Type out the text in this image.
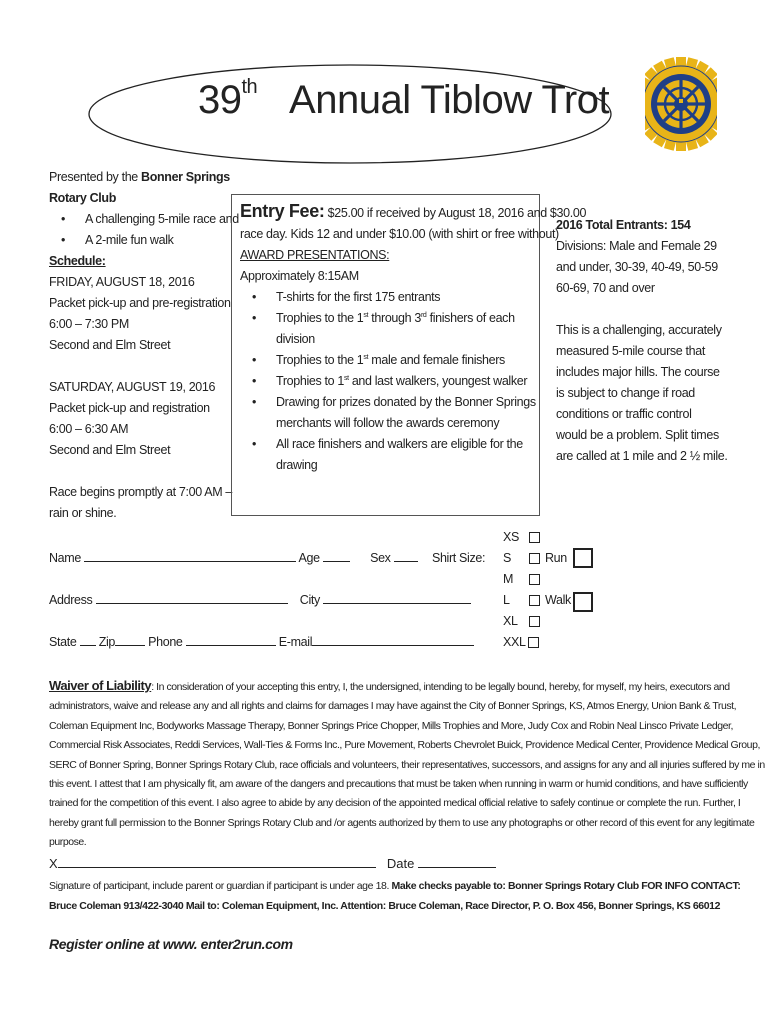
39th Annual Tiblow Trot
Presented by the Bonner Springs Rotary Club
• A challenging 5-mile race and
• A 2-mile fun walk
Schedule:
FRIDAY, AUGUST 18, 2016
Packet pick-up and pre-registration
6:00 – 7:30 PM
Second and Elm Street
SATURDAY, AUGUST 19, 2016
Packet pick-up and registration
6:00 – 6:30 AM
Second and Elm Street
Race begins promptly at 7:00 AM –
rain or shine.
Entry Fee: $25.00 if received by August 18, 2016 and $30.00
race day. Kids 12 and under $10.00 (with shirt or free without)
AWARD PRESENTATIONS:
Approximately 8:15AM
• T-shirts for the first 175 entrants
• Trophies to the 1st through 3rd finishers of each division
• Trophies to the 1st male and female finishers
• Trophies to 1st and last walkers, youngest walker
• Drawing for prizes donated by the Bonner Springs
merchants will follow the awards ceremony
• All race finishers and walkers are eligible for the drawing
2016 Total Entrants: 154
Divisions: Male and Female 29
and under, 30-39, 40-49, 50-59
60-69, 70 and over
This is a challenging, accurately
measured 5-mile course that
includes major hills. The course
is subject to change if road
conditions or traffic control
would be a problem. Split times
are called at 1 mile and 2 ½ mile.
Name	Age	Sex	Shirt Size:
Address	City
State Zip	Phone	E-mail
XS
S
M
L
XL
XXL
Run
Walk
Waiver of Liability: In consideration of your accepting this entry, I, the undersigned, intending to be legally bound, hereby, for myself, my heirs, executors and
administrators, waive and release any and all rights and claims for damages I may have against the City of Bonner Springs, KS, Atmos Energy, Union Bank & Trust,
Coleman Equipment Inc, Bodyworks Massage Therapy, Bonner Springs Price Chopper, Mills Trophies and More, Judy Cox and Robin Neal Linsco Private Ledger,
Commercial Risk Associates, Reddi Services, Wall-Ties & Forms Inc., Pure Movement, Roberts Chevrolet Buick, Providence Medical Center, Providence Medical Group,
SERC of Bonner Spring, Bonner Springs Rotary Club, race officials and volunteers, their representatives, successors, and assigns for any and all injuries suffered by me in
this event. I attest that I am physically fit, am aware of the dangers and precautions that must be taken when running in warm or humid conditions, and have sufficiently
trained for the competition of this event. I also agree to abide by any decision of the appointed medical official relative to safely continue or complete the run. Further, I
hereby grant full permission to the Bonner Springs Rotary Club and /or agents authorized by them to use any photographs or other record of this event for any legitimate
purpose.
X	Date
Signature of participant, include parent or guardian if participant is under age 18. Make checks payable to: Bonner Springs Rotary Club FOR INFO CONTACT:
Bruce Coleman 913/422-3040 Mail to: Coleman Equipment, Inc. Attention: Bruce Coleman, Race Director, P. O. Box 456, Bonner Springs, KS 66012
Register online at www. enter2run.com
